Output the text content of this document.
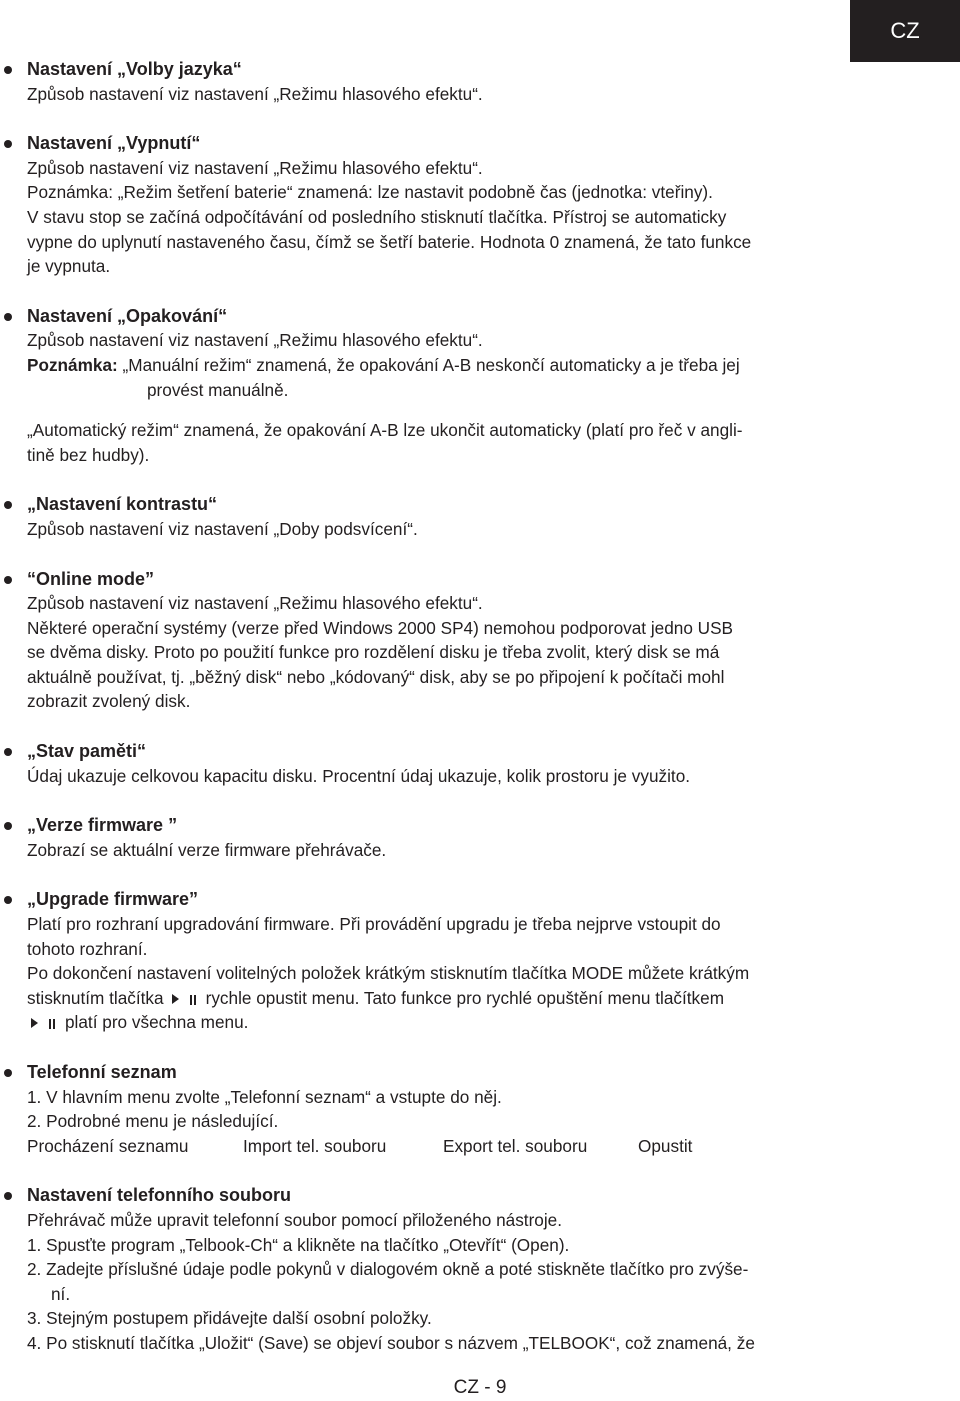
CZ
Nastavení „Volby jazyka“
Způsob nastavení viz nastavení „Režimu hlasového efektu“.
Nastavení „Vypnutí“
Způsob nastavení viz nastavení „Režimu hlasového efektu“.
Poznámka: „Režim šetření baterie“ znamená: lze nastavit podobně čas (jednotka: vteřiny).
V stavu stop se začíná odpočítávání od posledního stisknutí tlačítka. Přístroj se automaticky
vypne do uplynutí nastaveného času, čímž se šetří baterie. Hodnota 0 znamená, že tato funkce
je vypnuta.
Nastavení „Opakování“
Způsob nastavení viz nastavení „Režimu hlasového efektu“.
Poznámka: „Manuální režim“ znamená, že opakování A-B neskončí automaticky a je třeba jej
provést manuálně.
„Automatický režim“ znamená, že opakování A-B lze ukončit automaticky (platí pro řeč v angli-
tině bez hudby).
„Nastavení kontrastu“
Způsob nastavení viz nastavení „Doby podsvícení“.
“Online mode”
Způsob nastavení viz nastavení „Režimu hlasového efektu“.
Některé operační systémy (verze před Windows 2000 SP4) nemohou podporovat jedno USB
se dvěma disky. Proto po použití funkce pro rozdělení disku je třeba zvolit, který disk se má
aktuálně používat, tj. „běžný disk“ nebo „kódovaný“ disk, aby se po připojení k počítači mohl
zobrazit zvolený disk.
„Stav paměti“
Údaj ukazuje celkovou kapacitu disku. Procentní údaj ukazuje, kolik prostoru je využito.
„Verze firmware ”
Zobrazí se aktuální verze firmware přehrávače.
„Upgrade firmware”
Platí pro rozhraní upgradování firmware. Při provádění upgradu je třeba nejprve vstoupit do
tohoto rozhraní.
Po dokončení nastavení volitelných položek krátkým stisknutím tlačítka MODE můžete krátkým
stisknutím tlačítka rychle opustit menu. Tato funkce pro rychlé opuštění menu tlačítkem
platí pro všechna menu.
Telefonní seznam
1. V hlavním menu zvolte „Telefonní seznam“ a vstupte do něj.
2. Podrobné menu je následující.
Procházení seznamu	Import tel. souboru	Export tel. souboru	Opustit
Nastavení telefonního souboru
Přehrávač může upravit telefonní soubor pomocí přiloženého nástroje.
1. Spusťte program „Telbook-Ch“ a klikněte na tlačítko „Otevřít“ (Open).
2. Zadejte příslušné údaje podle pokynů v dialogovém okně a poté stiskněte tlačítko pro zvýše-
ní.
3. Stejným postupem přidávejte další osobní položky.
4. Po stisknutí tlačítka „Uložit“ (Save) se objeví soubor s názvem „TELBOOK“, což znamená, že
CZ - 9
